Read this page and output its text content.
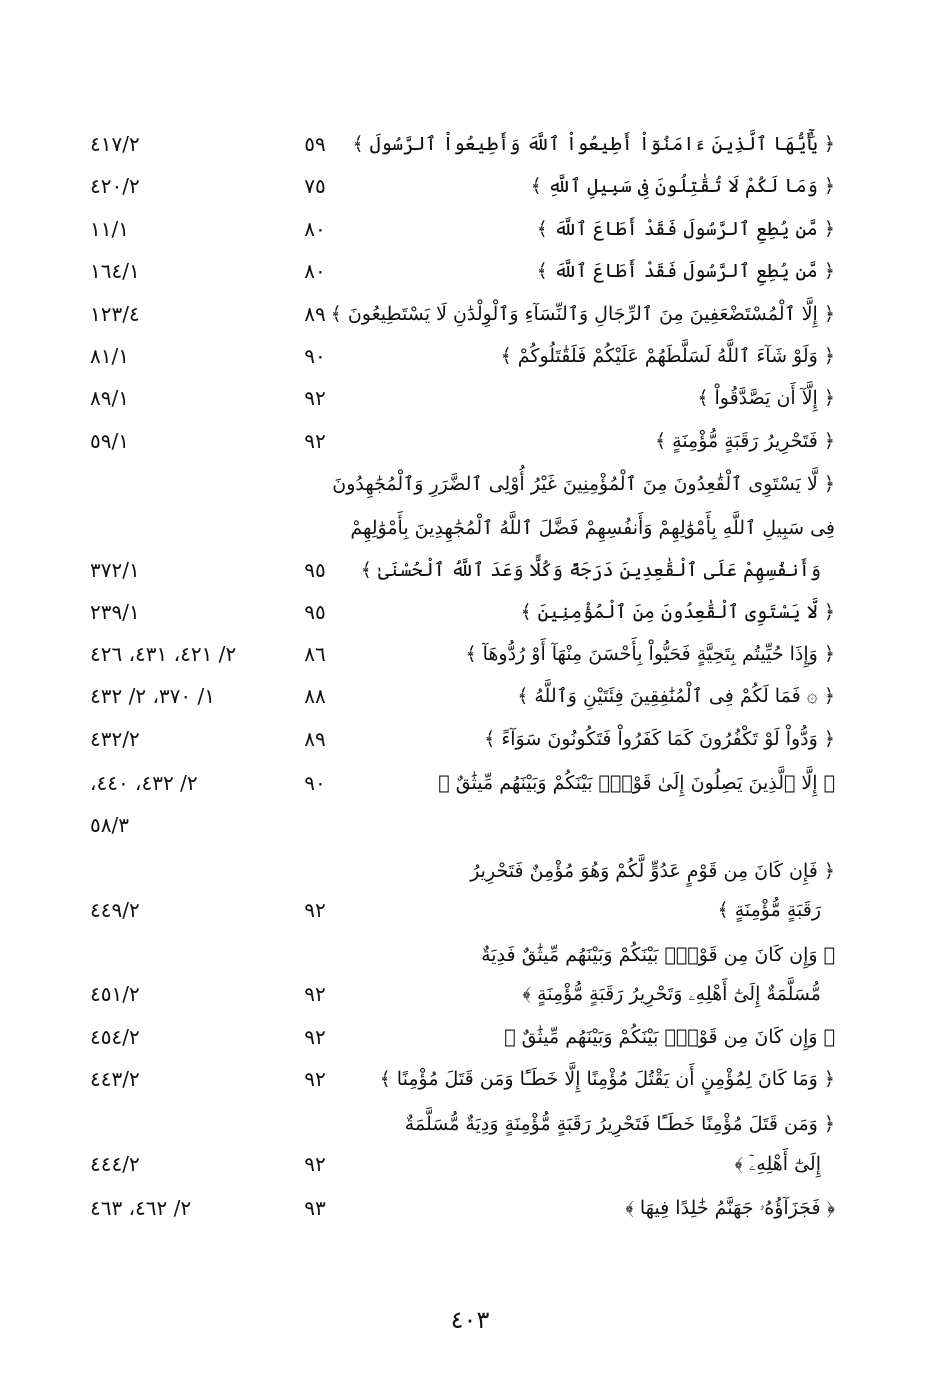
﴿ يَٰٓأَيُّهَا ٱلَّذِينَ ءَامَنُوٓاْ أَطِيعُواْ ٱللَّهَ وَأَطِيعُواْ ٱلرَّسُولَ ﴾
٥٩
٤١٧/٢
﴿ وَمَا لَكُمْ لَا تُقَٰتِلُونَ فِى سَبِيلِ ٱللَّهِ ﴾
٧٥
٤٢٠/٢
﴿ مَّن يُطِعِ ٱلرَّسُولَ فَقَدْ أَطَاعَ ٱللَّهَ ﴾
٨٠
١١/١
﴿ مَّن يُطِعِ ٱلرَّسُولَ فَقَدْ أَطَاعَ ٱللَّهَ ﴾
٨٠
١٦٤/١
﴿ إِلَّا ٱلْمُسْتَضْعَفِينَ مِنَ ٱلرِّجَالِ وَٱلنِّسَآءِ وَٱلْوِلْدَٰنِ لَا يَسْتَطِيعُونَ ﴾
٨٩
١٢٣/٤
﴿ وَلَوْ شَآءَ ٱللَّهُ لَسَلَّطَهُمْ عَلَيْكُمْ فَلَقَٰتَلُوكُمْ ﴾
٩٠
٨١/١
﴿ إِلَّآ أَن يَصَّدَّقُواْ ﴾
٩٢
٨٩/١
﴿ فَتَحْرِيرُ رَقَبَةٍ مُّؤْمِنَةٍ ﴾
٩٢
٥٩/١
﴿ لَّا يَسْتَوِى ٱلْقَٰعِدُونَ مِنَ ٱلْمُؤْمِنِينَ غَيْرُ أُوْلِى ٱلضَّرَرِ وَٱلْمُجَٰهِدُونَ
فِى سَبِيلِ ٱللَّهِ بِأَمْوَٰلِهِمْ وَأَنفُسِهِمْ فَضَّلَ ٱللَّهُ ٱلْمُجَٰهِدِينَ بِأَمْوَٰلِهِمْ
وَأَنفُسِهِمْ عَلَى ٱلْقَٰعِدِينَ دَرَجَةً وَكُلًّا وَعَدَ ٱللَّهُ ٱلْحُسْنَىٰ ﴾
٩٥
٣٧٢/١
﴿ لَّا يَسْتَوِى ٱلْقَٰعِدُونَ مِنَ ٱلْمُؤْمِنِينَ ﴾
٩٥
٢٣٩/١
﴿ وَإِذَا حُيِّيتُم بِتَحِيَّةٍ فَحَيُّواْ بِأَحْسَنَ مِنْهَآ أَوْ رُدُّوهَآ ﴾
٨٦
٢/ ٤٢١، ٤٣١، ٤٢٦
﴿ ۞ فَمَا لَكُمْ فِى ٱلْمُنَٰفِقِينَ فِئَتَيْنِ وَٱللَّهُ ﴾
٨٨
١/ ٣٧٠، ٢/ ٤٣٢
﴿ وَدُّواْ لَوْ تَكْفُرُونَ كَمَا كَفَرُواْ فَتَكُونُونَ سَوَآءً ﴾
٨٩
٤٣٢/٢
﴿ إِلَّا ٱلَّذِينَ يَصِلُونَ إِلَىٰ قَوْمٍۭ بَيْنَكُمْ وَبَيْنَهُم مِّيثَٰقٌ ﴾
٩٠
٢/ ٤٣٢، ٤٤٠،
٥٨/٣
﴿ فَإِن كَانَ مِن قَوْمٍ عَدُوٍّ لَّكُمْ وَهُوَ مُؤْمِنٌ فَتَحْرِيرُ
رَقَبَةٍ مُّؤْمِنَةٍ ﴾
٩٢
٤٤٩/٢
﴿ وَإِن كَانَ مِن قَوْمٍۭ بَيْنَكُمْ وَبَيْنَهُم مِّيثَٰقٌ فَدِيَةٌ
مُّسَلَّمَةٌ إِلَىٰٓ أَهْلِهِۦ وَتَحْرِيرُ رَقَبَةٍ مُّؤْمِنَةٍ ﴾
٩٢
٤٥١/٢
﴿ وَإِن كَانَ مِن قَوْمٍۭ بَيْنَكُمْ وَبَيْنَهُم مِّيثَٰقٌ ﴾
٩٢
٤٥٤/٢
﴿ وَمَا كَانَ لِمُؤْمِنٍ أَن يَقْتُلَ مُؤْمِنًا إِلَّا خَطَـًٔا وَمَن قَتَلَ مُؤْمِنًا ﴾
٩٢
٤٤٣/٢
﴿ وَمَن قَتَلَ مُؤْمِنًا خَطَـًٔا فَتَحْرِيرُ رَقَبَةٍ مُّؤْمِنَةٍ وَدِيَةٌ مُّسَلَّمَةٌ
إِلَىٰٓ أَهْلِهِۦٓ ﴾
٩٢
٤٤٤/٢
﴿ فَجَزَآؤُهُۥ جَهَنَّمُ خَٰلِدًا فِيهَا ﴾
٩٣
٢/ ٤٦٢، ٤٦٣
٤٠٣
